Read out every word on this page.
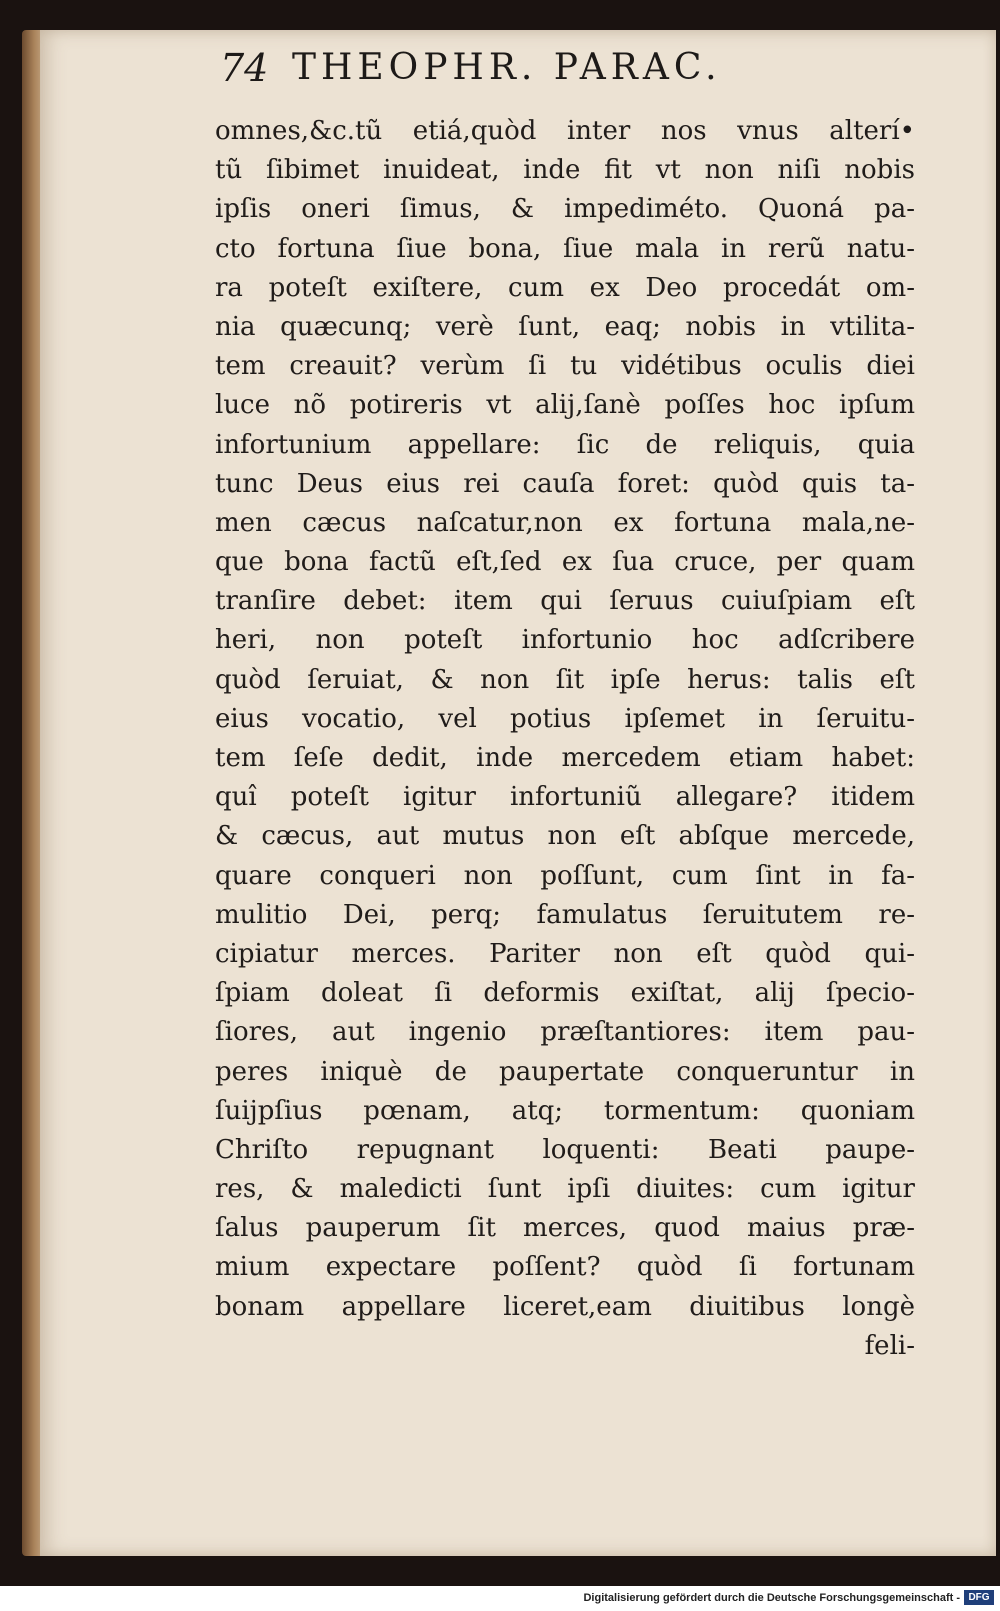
74 THEOPHR. PARAC.
omnes,&c.tũ etiá,quòd inter nos vnus alterí•
tũ ſibimet inuideat, inde fit vt non niſi nobis
ipſis oneri ſimus, & impediméto. Quoná pa-
cto fortuna ſiue bona, ſiue mala in rerũ natu-
ra poteſt exiſtere, cum ex Deo procedát om-
nia quæcunq; verè ſunt, eaq; nobis in vtilita-
tem creauit? verùm ſi tu vidétibus oculis diei
luce nõ potireris vt alij,ſanè poſſes hoc ipſum
infortunium appellare: ſic de reliquis, quia
tunc Deus eius rei cauſa foret: quòd quis ta-
men cæcus naſcatur,non ex fortuna mala,ne-
que bona factũ eſt,ſed ex ſua cruce, per quam
tranſire debet: item qui ſeruus cuiuſpiam eſt
heri, non poteſt infortunio hoc adſcribere
quòd ſeruiat, & non ſit ipſe herus: talis eſt
eius vocatio, vel potius ipſemet in ſeruitu-
tem ſeſe dedit, inde mercedem etiam habet:
quî poteſt igitur infortuniũ allegare? itidem
& cæcus, aut mutus non eſt abſque mercede,
quare conqueri non poſſunt, cum ſint in fa-
mulitio Dei, perq; famulatus ſeruitutem re-
cipiatur merces. Pariter non eſt quòd qui-
ſpiam doleat ſi deformis exiſtat, alij ſpecio-
ſiores, aut ingenio præſtantiores: item pau-
peres iniquè de paupertate conqueruntur in
ſuijpſius pœnam, atq; tormentum: quoniam
Chriſto repugnant loquenti: Beati paupe-
res, & maledicti ſunt ipſi diuites: cum igitur
ſalus pauperum ſit merces, quod maius præ-
mium expectare poſſent? quòd ſi fortunam
bonam appellare liceret,eam diuitibus longè
feli-
Digitalisierung gefördert durch die Deutsche Forschungsgemeinschaft - DFG
